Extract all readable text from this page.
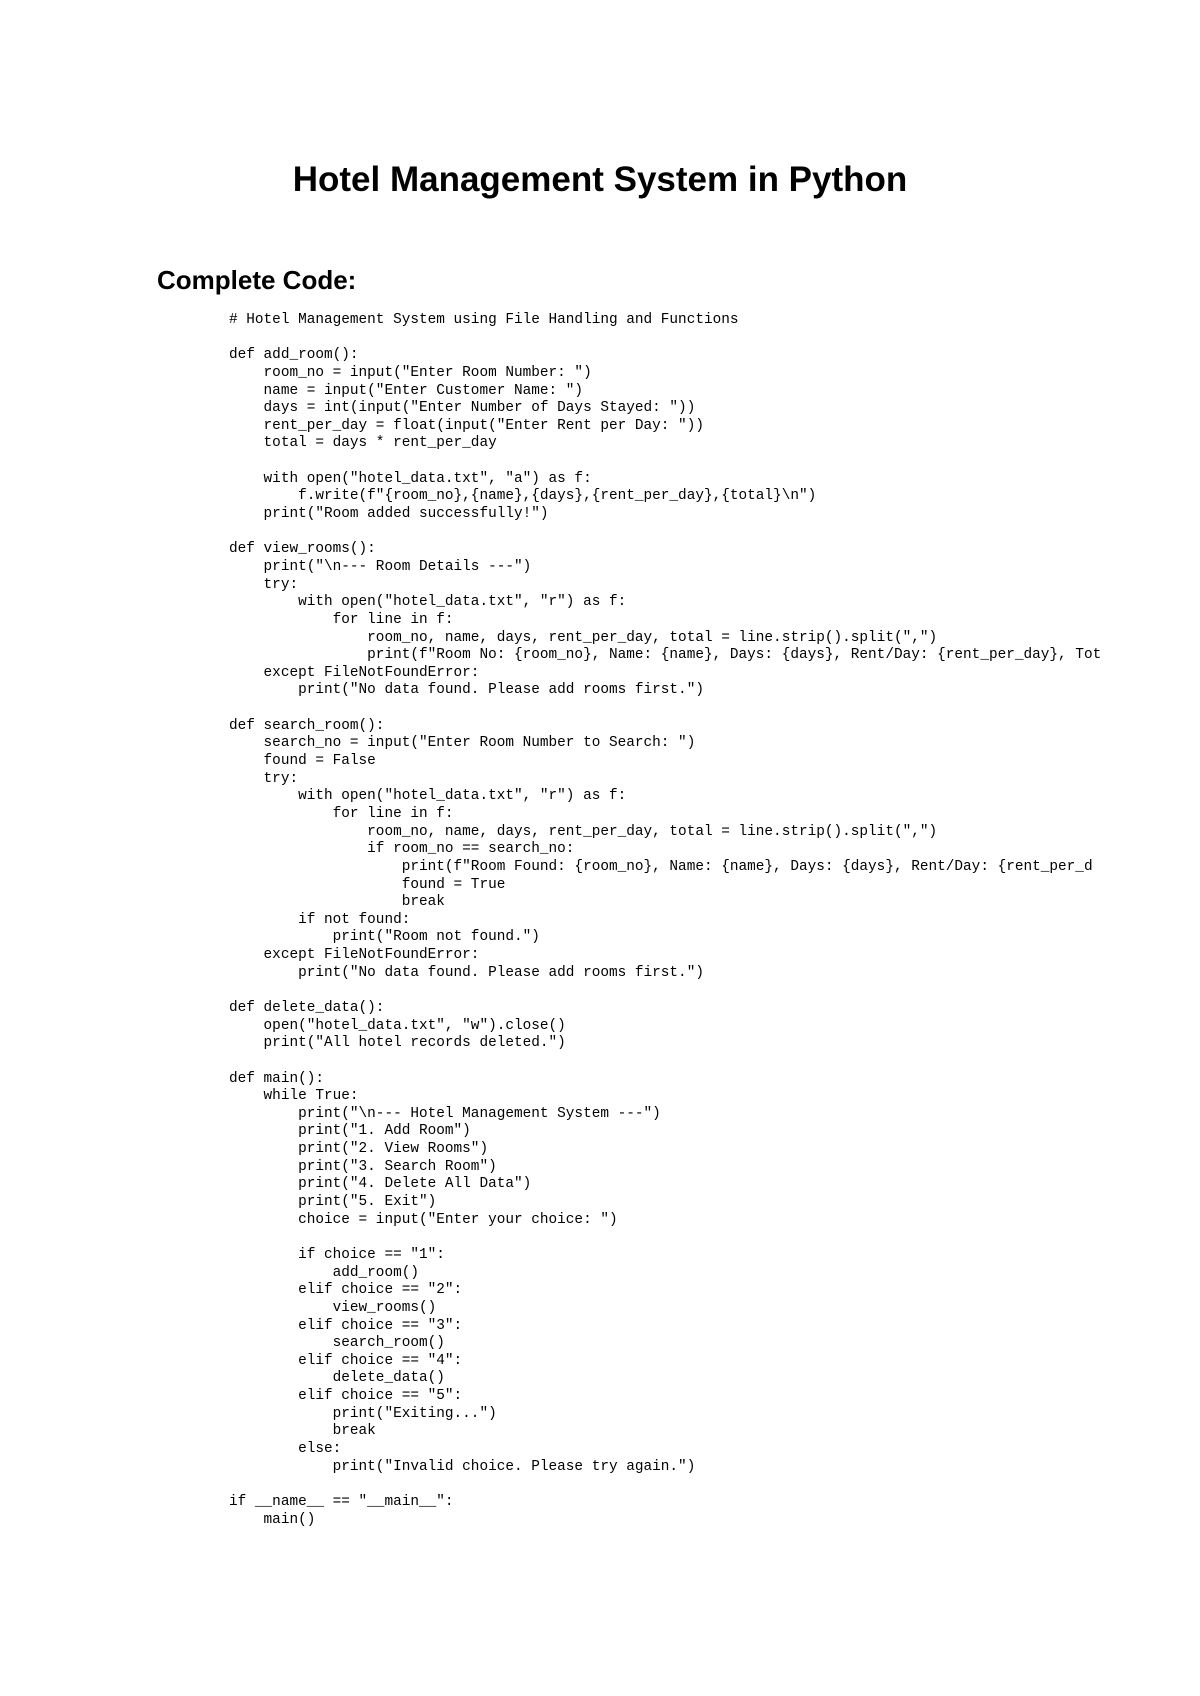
Hotel Management System in Python
Complete Code:
# Hotel Management System using File Handling and Functions
def add_room():
room_no = input("Enter Room Number: ")
name = input("Enter Customer Name: ")
days = int(input("Enter Number of Days Stayed: "))
rent_per_day = float(input("Enter Rent per Day: "))
total = days * rent_per_day
with open("hotel_data.txt", "a") as f:
f.write(f"{room_no},{name},{days},{rent_per_day},{total}\n")
print("Room added successfully!")
def view_rooms():
print("\n--- Room Details ---")
try:
with open("hotel_data.txt", "r") as f:
for line in f:
room_no, name, days, rent_per_day, total = line.strip().split(",")
print(f"Room No: {room_no}, Name: {name}, Days: {days}, Rent/Day: {rent_per_day}, Tot
except FileNotFoundError:
print("No data found. Please add rooms first.")
def search_room():
search_no = input("Enter Room Number to Search: ")
found = False
try:
with open("hotel_data.txt", "r") as f:
for line in f:
room_no, name, days, rent_per_day, total = line.strip().split(",")
if room_no == search_no:
print(f"Room Found: {room_no}, Name: {name}, Days: {days}, Rent/Day: {rent_per_d
found = True
break
if not found:
print("Room not found.")
except FileNotFoundError:
print("No data found. Please add rooms first.")
def delete_data():
open("hotel_data.txt", "w").close()
print("All hotel records deleted.")
def main():
while True:
print("\n--- Hotel Management System ---")
print("1. Add Room")
print("2. View Rooms")
print("3. Search Room")
print("4. Delete All Data")
print("5. Exit")
choice = input("Enter your choice: ")
if choice == "1":
add_room()
elif choice == "2":
view_rooms()
elif choice == "3":
search_room()
elif choice == "4":
delete_data()
elif choice == "5":
print("Exiting...")
break
else:
print("Invalid choice. Please try again.")
if __name__ == "__main__":
main()
